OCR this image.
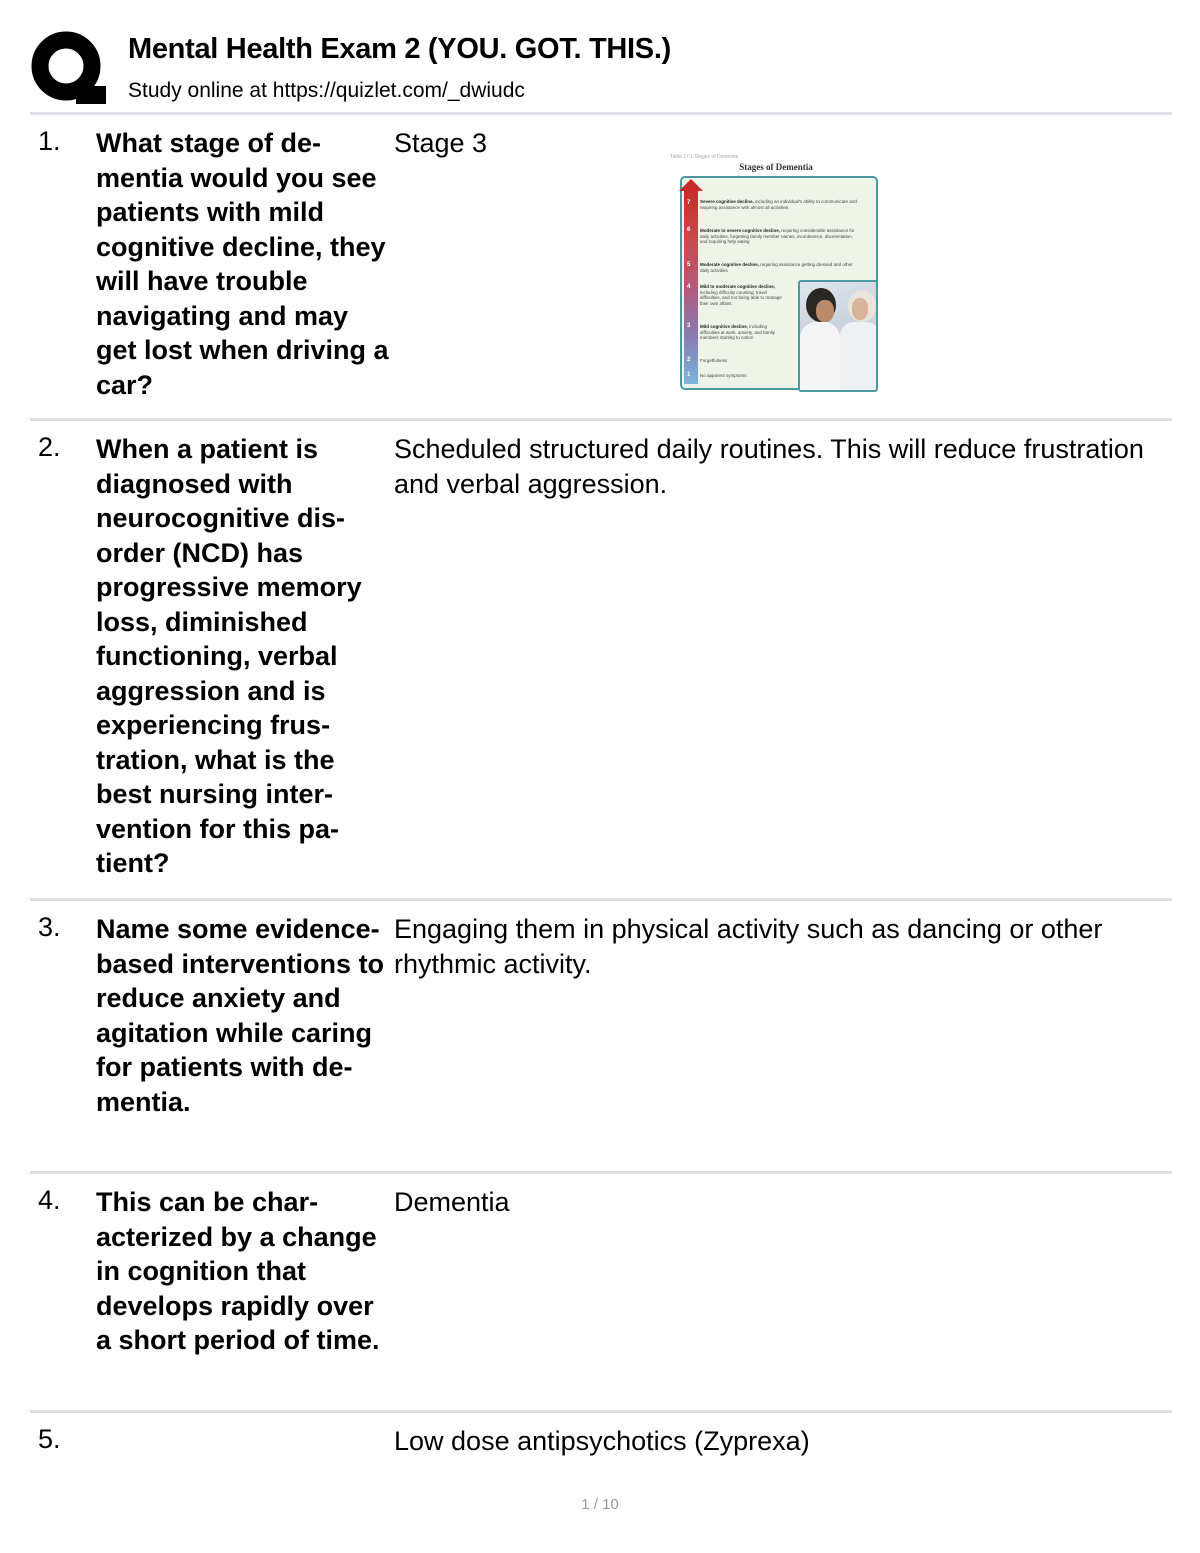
Mental Health Exam 2 (YOU. GOT. THIS.)
Study online at https://quizlet.com/_dwiudc
1. What stage of dementia would you see patients with mild cognitive decline, they will have trouble navigating and may get lost when driving a car?
Stage 3	Table 17.1 Stages of Dementia
Stages of Dementia
7 Severe cognitive decline, including an individual's ability to communicate and requiring assistance with almost all activities
6 Moderate to severe cognitive decline, requiring considerable assistance for daily activities, forgetting family member names, incontinence, disorientation, and requiring help eating
5 Moderate cognitive decline, requiring assistance getting dressed and other daily activities
4 Mild to moderate cognitive decline, including difficulty counting, travel difficulties, and not being able to manage their own affairs
3 Mild cognitive decline, including difficulties at work, anxiety, and family members starting to notice
2 Forgetfulness
1 No apparent symptoms
2. When a patient is diagnosed with neurocognitive disorder (NCD) has progressive memory loss, diminished functioning, verbal aggression and is experiencing frustration, what is the best nursing intervention for this patient?
Scheduled structured daily routines. This will reduce frustration and verbal aggression.
3. Name some evidence-based interventions to reduce anxiety and agitation while caring for patients with dementia.
Engaging them in physical activity such as dancing or other rhythmic activity.
4. This can be characterized by a change in cognition that develops rapidly over a short period of time.
Dementia
5.	Low dose antipsychotics (Zyprexa)
1 / 10
